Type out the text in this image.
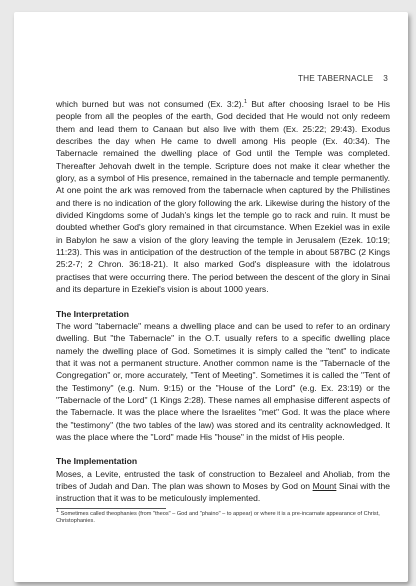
THE TABERNACLE 3

which burned but was not consumed (Ex. 3:2).$^1$ But after choosing Israel to be His people from all the peoples of the earth, God decided that He would not only redeem them and lead them to Canaan but also live with them (Ex. 25:22; 29:43). Exodus describes the day when He came to dwell among His people (Ex. 40:34). The Tabernacle remained the dwelling place of God until the Temple was completed. Thereafter Jehovah dwelt in the temple. Scripture does not make it clear whether the glory, as a symbol of His presence, remained in the tabernacle and temple permanently. At one point the ark was removed from the tabernacle when captured by the Philistines and there is no indication of the glory following the ark. Likewise during the history of the divided Kingdoms some of Judah's kings let the temple go to rack and ruin. It must be doubted whether God's glory remained in that circumstance. When Ezekiel was in exile in Babylon he saw a vision of the glory leaving the temple in Jerusalem (Ezek. 10:19; 11:23). This was in anticipation of the destruction of the temple in about 587BC (2 Kings 25:2-7; 2 Chron. 36:18-21). It also marked God's displeasure with the idolatrous practises that were occurring there. The period between the descent of the glory in Sinai and its departure in Ezekiel's vision is about 1000 years.

The Interpretation

The word "tabernacle" means a dwelling place and can be used to refer to an ordinary dwelling. But "the Tabernacle" in the O.T. usually refers to a specific dwelling place namely the dwelling place of God. Sometimes it is simply called the "tent" to indicate that it was not a permanent structure. Another common name is the "Tabernacle of the Congregation" or, more accurately, "Tent of Meeting". Sometimes it is called the "Tent of the Testimony" (e.g. Num. 9:15) or the "House of the Lord" (e.g. Ex. 23:19) or the "Tabernacle of the Lord" (1 Kings 2:28). These names all emphasise different aspects of the Tabernacle. It was the place where the Israelites "met" God. It was the place where the "testimony" (the two tables of the law) was stored and its centrality acknowledged. It was the place where the "Lord" made His "house" in the midst of His people.

The Implementation

Moses, a Levite, entrusted the task of construction to Bezaleel and Aholiab, from the tribes of Judah and Dan. The plan was shown to Moses by God on Mount Sinai with the instruction that it was to be meticulously implemented.

$^1$ Sometimes called theophanies (from "theos" – God and "phaino" – to appear) or where it is a pre-incarnate appearance of Christ, Christophanies.
